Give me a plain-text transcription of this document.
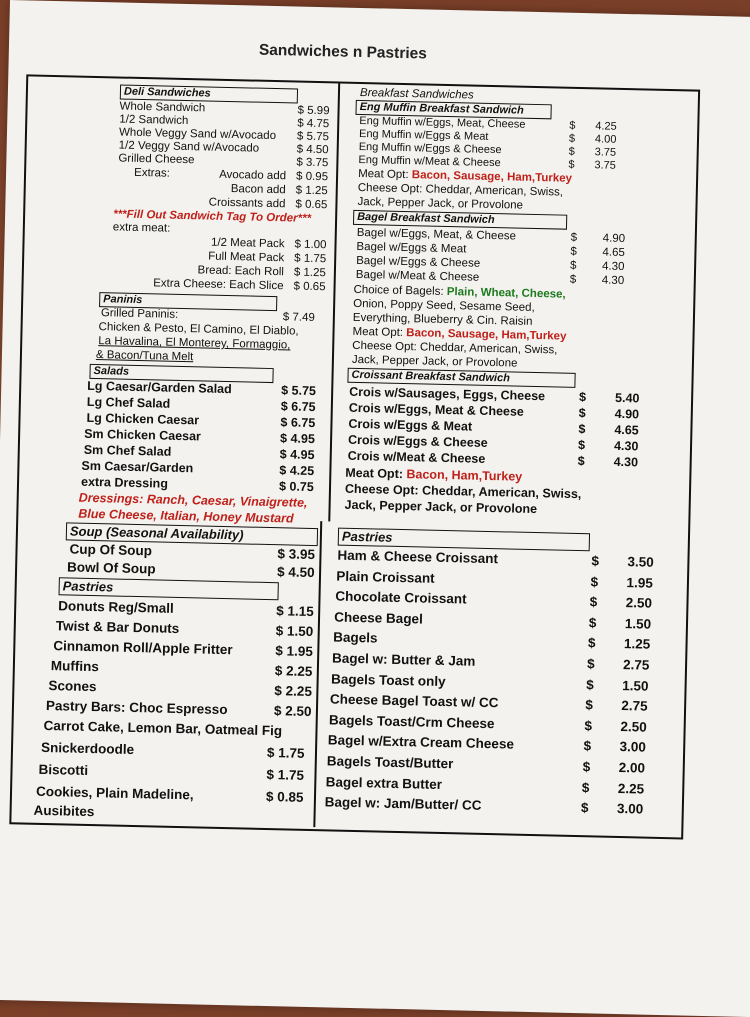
Sandwiches n Pastries
Deli Sandwiches
Whole Sandwich	$ 5.99
1/2 Sandwich	$ 4.75
Whole Veggy Sand w/Avocado $ 5.75
1/2 Veggy Sand w/Avocado	$ 4.50
Grilled Cheese	$ 3.75
Extras:	Avocado add $ 0.95
Bacon add $ 1.25
Croissants add $ 0.65
***Fill Out Sandwich Tag To Order***
extra meat:
1/2 Meat Pack $ 1.00
Full Meat Pack $ 1.75
Bread: Each Roll $ 1.25
Extra Cheese: Each Slice $ 0.65
Paninis
Grilled Paninis:	$ 7.49
Chicken & Pesto, El Camino, El Diablo,
La Havalina, El Monterey, Formaggio,
& Bacon/Tuna Melt
Salads
Lg Caesar/Garden Salad	$ 5.75
Lg Chef Salad	$ 6.75
Lg Chicken Caesar	$ 6.75
Sm Chicken Caesar	$ 4.95
Sm Chef Salad	$ 4.95
Sm Caesar/Garden	$ 4.25
extra Dressing	$ 0.75
Dressings: Ranch, Caesar, Vinaigrette,
Blue Cheese, Italian, Honey Mustard
Soup (Seasonal Availability)
Cup Of Soup	$ 3.95
Bowl Of Soup	$ 4.50
Pastries
Donuts Reg/Small	$ 1.15
Twist & Bar Donuts	$ 1.50
Cinnamon Roll/Apple Fritter	$ 1.95
Muffins	$ 2.25
Scones	$ 2.25
Pastry Bars: Choc Espresso	$ 2.50
Carrot Cake, Lemon Bar, Oatmeal Fig
Snickerdoodle	$ 1.75
Biscotti	$ 1.75
Cookies, Plain Madeline,	$ 0.85
Ausibites
Breakfast Sandwiches
Eng Muffin Breakfast Sandwich
Eng Muffin w/Eggs, Meat, Cheese	$ 4.25
Eng Muffin w/Eggs & Meat	$ 4.00
Eng Muffin w/Eggs & Cheese	$ 3.75
Eng Muffin w/Meat & Cheese	$ 3.75
Meat Opt: Bacon, Sausage, Ham,Turkey
Cheese Opt: Cheddar, American, Swiss,
Jack, Pepper Jack, or Provolone
Bagel Breakfast Sandwich
Bagel w/Eggs, Meat, & Cheese	$ 4.90
Bagel w/Eggs & Meat	$ 4.65
Bagel w/Eggs & Cheese	$ 4.30
Bagel w/Meat & Cheese	$ 4.30
Choice of Bagels: Plain, Wheat, Cheese,
Onion, Poppy Seed, Sesame Seed,
Everything, Blueberry & Cin. Raisin
Meat Opt: Bacon, Sausage, Ham,Turkey
Cheese Opt: Cheddar, American, Swiss,
Jack, Pepper Jack, or Provolone
Croissant Breakfast Sandwich
Crois w/Sausages, Eggs, Cheese	$ 5.40
Crois w/Eggs, Meat & Cheese	$ 4.90
Crois w/Eggs & Meat	$ 4.65
Crois w/Eggs & Cheese	$ 4.30
Crois w/Meat & Cheese	$ 4.30
Meat Opt: Bacon, Ham,Turkey
Cheese Opt: Cheddar, American, Swiss,
Jack, Pepper Jack, or Provolone
Pastries
Ham & Cheese Croissant	$ 3.50
Plain Croissant	$ 1.95
Chocolate Croissant	$ 2.50
Cheese Bagel	$ 1.50
Bagels	$ 1.25
Bagel w: Butter & Jam	$ 2.75
Bagels Toast only	$ 1.50
Cheese Bagel Toast w/ CC	$ 2.75
Bagels Toast/Crm Cheese	$ 2.50
Bagel w/Extra Cream Cheese	$ 3.00
Bagels Toast/Butter	$ 2.00
Bagel extra Butter	$ 2.25
Bagel w: Jam/Butter/ CC	$ 3.00
